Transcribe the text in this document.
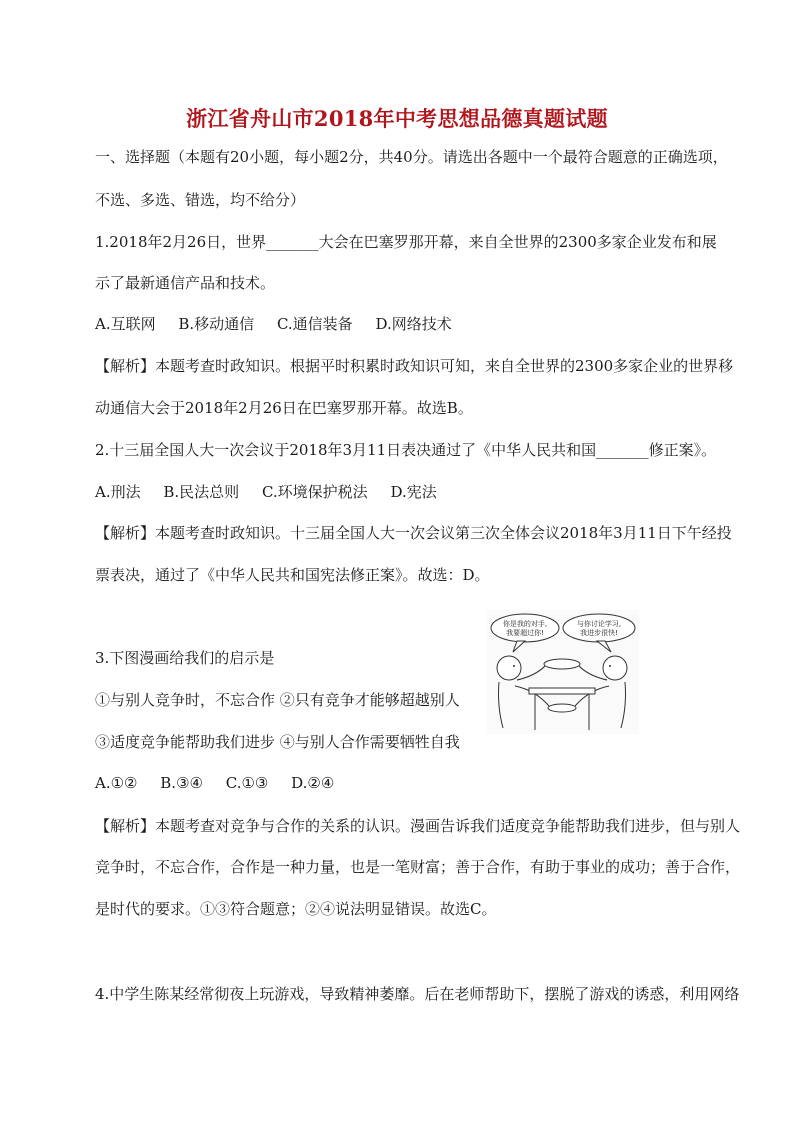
浙江省舟山市2018年中考思想品德真题试题
一、选择题（本题有20小题，每小题2分，共40分。请选出各题中一个最符合题意的正确选项，
不选、多选、错选，均不给分）
1.2018年2月26日，世界_______大会在巴塞罗那开幕，来自全世界的2300多家企业发布和展
示了最新通信产品和技术。
A.互联网 B.移动通信 C.通信装备 D.网络技术
【解析】本题考查时政知识。根据平时积累时政知识可知，来自全世界的2300多家企业的世界移
动通信大会于2018年2月26日在巴塞罗那开幕。故选B。
2.十三届全国人大一次会议于2018年3月11日表决通过了《中华人民共和国_______修正案》。
A.刑法 B.民法总则 C.环境保护税法 D.宪法
【解析】本题考查时政知识。十三届全国人大一次会议第三次全体会议2018年3月11日下午经投
票表决，通过了《中华人民共和国宪法修正案》。故选：D。
3.下图漫画给我们的启示是
①与别人竞争时，不忘合作 ②只有竞争才能够超越别人
③适度竞争能帮助我们进步 ④与别人合作需要牺牲自我
A.①② B.③④ C.①③ D.②④
【解析】本题考查对竞争与合作的关系的认识。漫画告诉我们适度竞争能帮助我们进步，但与别人
竞争时，不忘合作，合作是一种力量，也是一笔财富；善于合作，有助于事业的成功；善于合作，
是时代的要求。①③符合题意；②④说法明显错误。故选C。
你是我的对手,
我要超过你!
与你讨论学习,
我进步很快!
4.中学生陈某经常彻夜上玩游戏，导致精神萎靡。后在老师帮助下，摆脱了游戏的诱惑，利用网络
